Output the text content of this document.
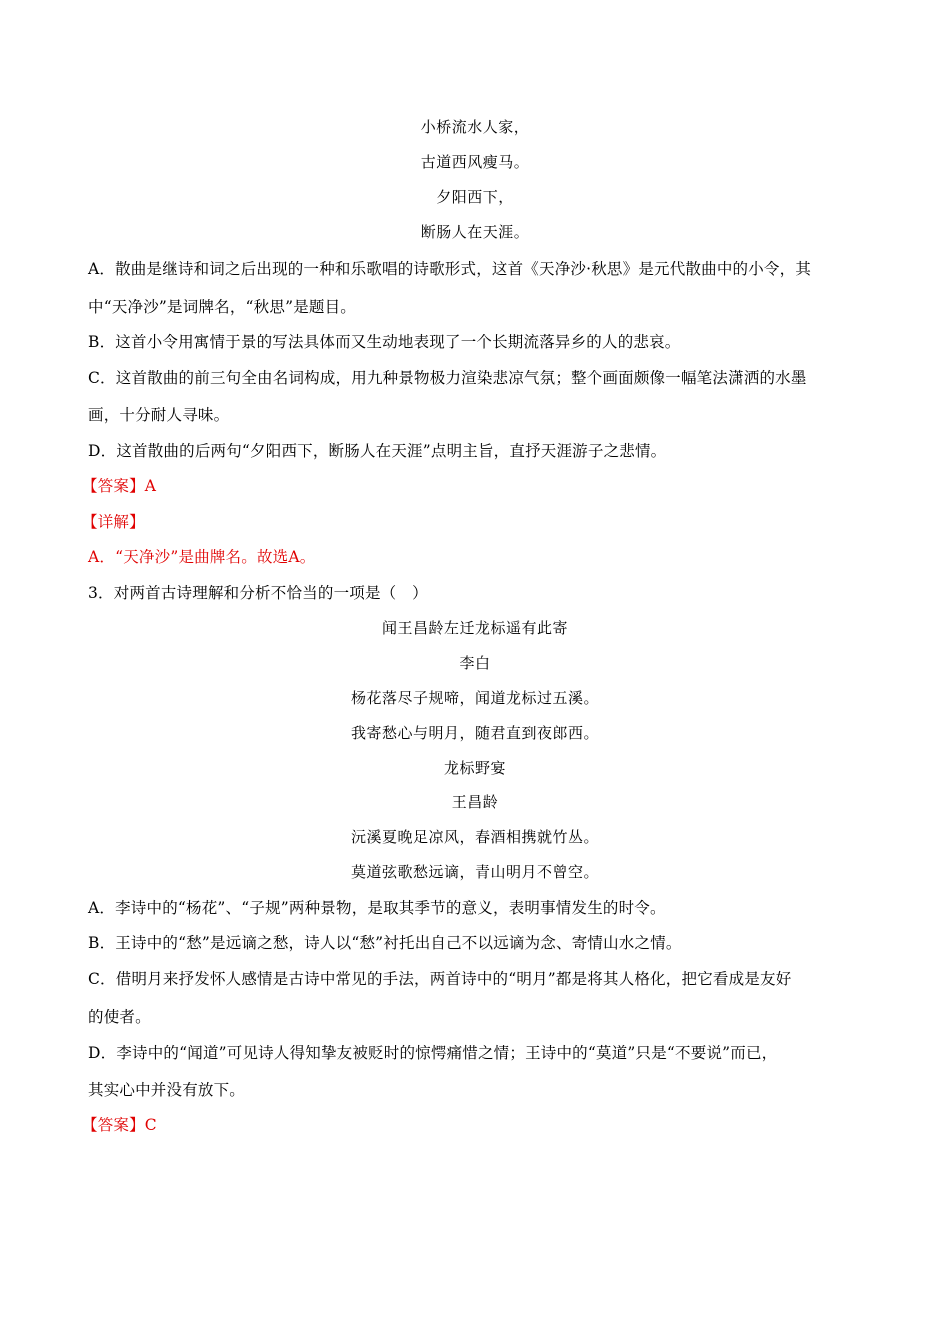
小桥流水人家，
古道西风瘦马。
夕阳西下，
断肠人在天涯。
A．散曲是继诗和词之后出现的一种和乐歌唱的诗歌形式，这首《天净沙·秋思》是元代散曲中的小令，其
中“天净沙”是词牌名，“秋思”是题目。
B．这首小令用寓情于景的写法具体而又生动地表现了一个长期流落异乡的人的悲哀。
C．这首散曲的前三句全由名词构成，用九种景物极力渲染悲凉气氛；整个画面颇像一幅笔法潇洒的水墨
画，十分耐人寻味。
D．这首散曲的后两句“夕阳西下，断肠人在天涯”点明主旨，直抒天涯游子之悲情。
【答案】A
【详解】
A．“天净沙”是曲牌名。故选A。
3．对两首古诗理解和分析不恰当的一项是（　）
闻王昌龄左迁龙标遥有此寄
李白
杨花落尽子规啼，闻道龙标过五溪。
我寄愁心与明月，随君直到夜郎西。
龙标野宴
王昌龄
沅溪夏晚足凉风，春酒相携就竹丛。
莫道弦歌愁远谪，青山明月不曾空。
A．李诗中的“杨花”、“子规”两种景物，是取其季节的意义，表明事情发生的时令。
B．王诗中的“愁”是远谪之愁，诗人以“愁”衬托出自己不以远谪为念、寄情山水之情。
C．借明月来抒发怀人感情是古诗中常见的手法，两首诗中的“明月”都是将其人格化，把它看成是友好
的使者。
D．李诗中的“闻道”可见诗人得知挚友被贬时的惊愕痛惜之情；王诗中的“莫道”只是“不要说”而已，
其实心中并没有放下。
【答案】C
